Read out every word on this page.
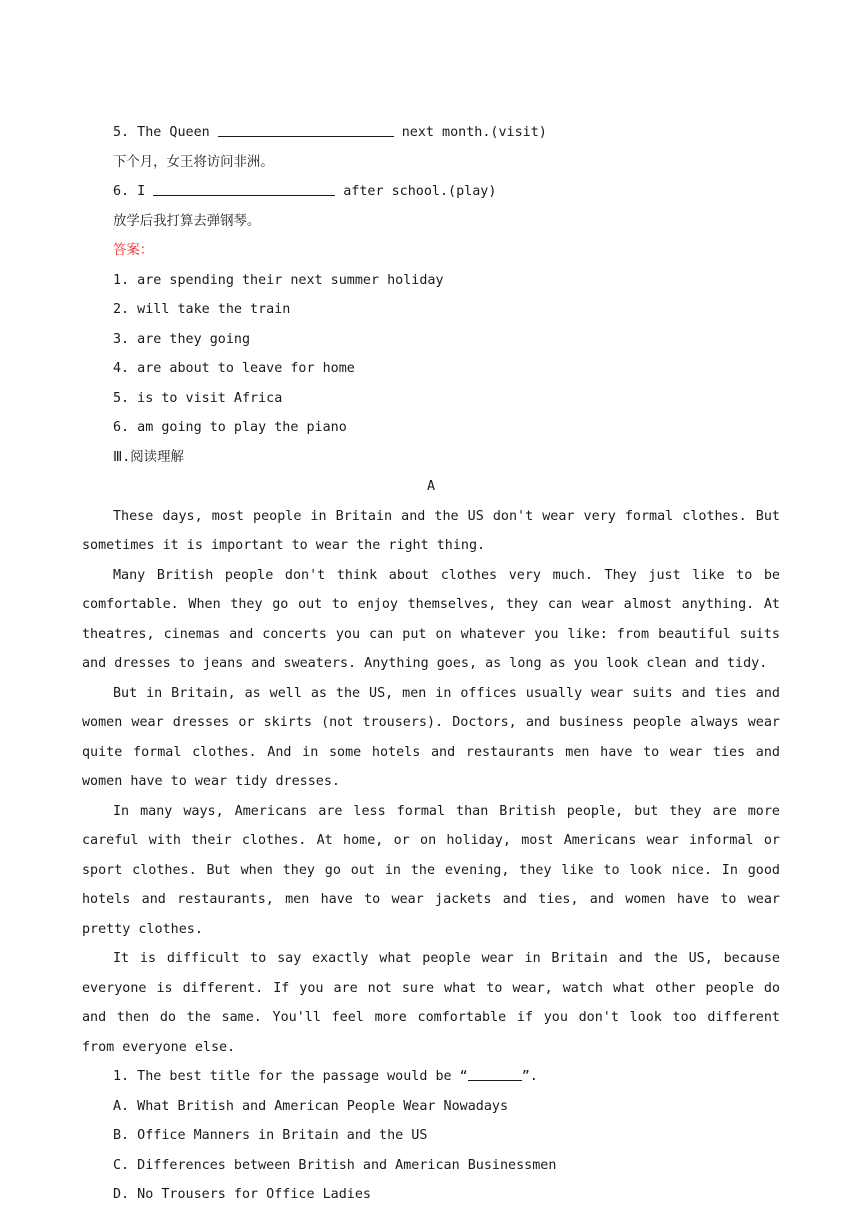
5. The Queen	next month.(visit)
下个月，女王将访问非洲。
6. I	after school.(play)
放学后我打算去弹钢琴。
答案：
1. are spending their next summer holiday
2. will take the train
3. are they going
4. are about to leave for home
5. is to visit Africa
6. am going to play the piano
Ⅲ.阅读理解
A

These days, most people in Britain and the US don't wear very formal clothes. But sometimes it is important to wear the right thing.

Many British people don't think about clothes very much. They just like to be comfortable. When they go out to enjoy themselves, they can wear almost anything. At theatres, cinemas and concerts you can put on whatever you like: from beautiful suits and dresses to jeans and sweaters. Anything goes, as long as you look clean and tidy.

But in Britain, as well as the US, men in offices usually wear suits and ties and women wear dresses or skirts (not trousers). Doctors, and business people always wear quite formal clothes. And in some hotels and restaurants men have to wear ties and women have to wear tidy dresses.

In many ways, Americans are less formal than British people, but they are more careful with their clothes. At home, or on holiday, most Americans wear informal or sport clothes. But when they go out in the evening, they like to look nice. In good hotels and restaurants, men have to wear jackets and ties, and women have to wear pretty clothes.

It is difficult to say exactly what people wear in Britain and the US, because everyone is different. If you are not sure what to wear, watch what other people do and then do the same. You'll feel more comfortable if you don't look too different from everyone else.

1. The best title for the passage would be “	”.
A. What British and American People Wear Nowadays
B. Office Manners in Britain and the US
C. Differences between British and American Businessmen
D. No Trousers for Office Ladies
